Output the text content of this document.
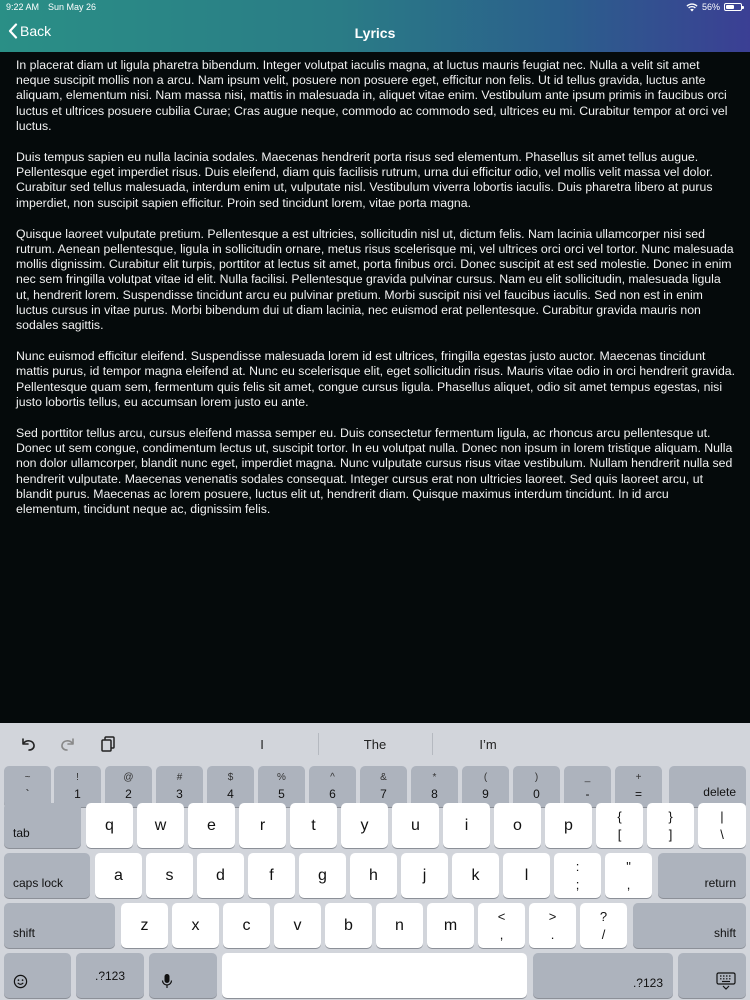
9:22 AM Sun May 26	56%
Back	Lyrics

In placerat diam ut ligula pharetra bibendum. Integer volutpat iaculis magna, at luctus mauris feugiat nec. Nulla a velit sit amet neque suscipit mollis non a arcu. Nam ipsum velit, posuere non posuere eget, efficitur non felis. Ut id tellus gravida, luctus ante aliquam, elementum nisi. Nam massa nisi, mattis in malesuada in, aliquet vitae enim. Vestibulum ante ipsum primis in faucibus orci luctus et ultrices posuere cubilia Curae; Cras augue neque, commodo ac commodo sed, ultrices eu mi. Curabitur tempor at orci vel luctus.

Duis tempus sapien eu nulla lacinia sodales. Maecenas hendrerit porta risus sed elementum. Phasellus sit amet tellus augue. Pellentesque eget imperdiet risus. Duis eleifend, diam quis facilisis rutrum, urna dui efficitur odio, vel mollis velit massa vel dolor. Curabitur sed tellus malesuada, interdum enim ut, vulputate nisl. Vestibulum viverra lobortis iaculis. Duis pharetra libero at purus imperdiet, non suscipit sapien efficitur. Proin sed tincidunt lorem, vitae porta magna.

Quisque laoreet vulputate pretium. Pellentesque a est ultricies, sollicitudin nisl ut, dictum felis. Nam lacinia ullamcorper nisi sed rutrum. Aenean pellentesque, ligula in sollicitudin ornare, metus risus scelerisque mi, vel ultrices orci orci vel tortor. Nunc malesuada mollis dignissim. Curabitur elit turpis, porttitor at lectus sit amet, porta finibus orci. Donec suscipit at est sed molestie. Donec in enim nec sem fringilla volutpat vitae id elit. Nulla facilisi. Pellentesque gravida pulvinar cursus. Nam eu elit sollicitudin, malesuada ligula ut, hendrerit lorem. Suspendisse tincidunt arcu eu pulvinar pretium. Morbi suscipit nisi vel faucibus iaculis. Sed non est in enim luctus cursus in vitae purus. Morbi bibendum dui ut diam lacinia, nec euismod erat pellentesque. Curabitur gravida mauris non sodales sagittis.

Nunc euismod efficitur eleifend. Suspendisse malesuada lorem id est ultrices, fringilla egestas justo auctor. Maecenas tincidunt mattis purus, id tempor magna eleifend at. Nunc eu scelerisque elit, eget sollicitudin risus. Mauris vitae odio in orci hendrerit gravida. Pellentesque quam sem, fermentum quis felis sit amet, congue cursus ligula. Phasellus aliquet, odio sit amet tempus egestas, nisi justo lobortis tellus, eu accumsan lorem justo eu ante.

Sed porttitor tellus arcu, cursus eleifend massa semper eu. Duis consectetur fermentum ligula, ac rhoncus arcu pellentesque ut. Donec ut sem congue, condimentum lectus ut, suscipit tortor. In eu volutpat nulla. Donec non ipsum in lorem tristique aliquam. Nulla non dolor ullamcorper, blandit nunc eget, imperdiet magna. Nunc vulputate cursus risus vitae vestibulum. Nullam hendrerit nulla sed hendrerit vulputate. Maecenas venenatis sodales consequat. Integer cursus erat non ultricies laoreet. Sed quis laoreet arcu, ut blandit purus. Maecenas ac lorem posuere, luctus elit ut, hendrerit diam. Quisque maximus interdum tincidunt. In id arcu elementum, tincidunt neque ac, dignissim felis.

I	The	I’m
~
`
!
1
@
2
#
3
$
4
%
5
^
6
&
7
*
8
(
9
)
0
_
-
+
=	delete
tab	q	w	e	r	t	y	u	i	o	p	{
[
}
]
|
\
caps lock	a	s	d	f	g	h	j	k	l	:
;
"
,	return
shift	z	x	c	v	b	n	m	<
,
>
.
?
/	shift
.?123
.?123
